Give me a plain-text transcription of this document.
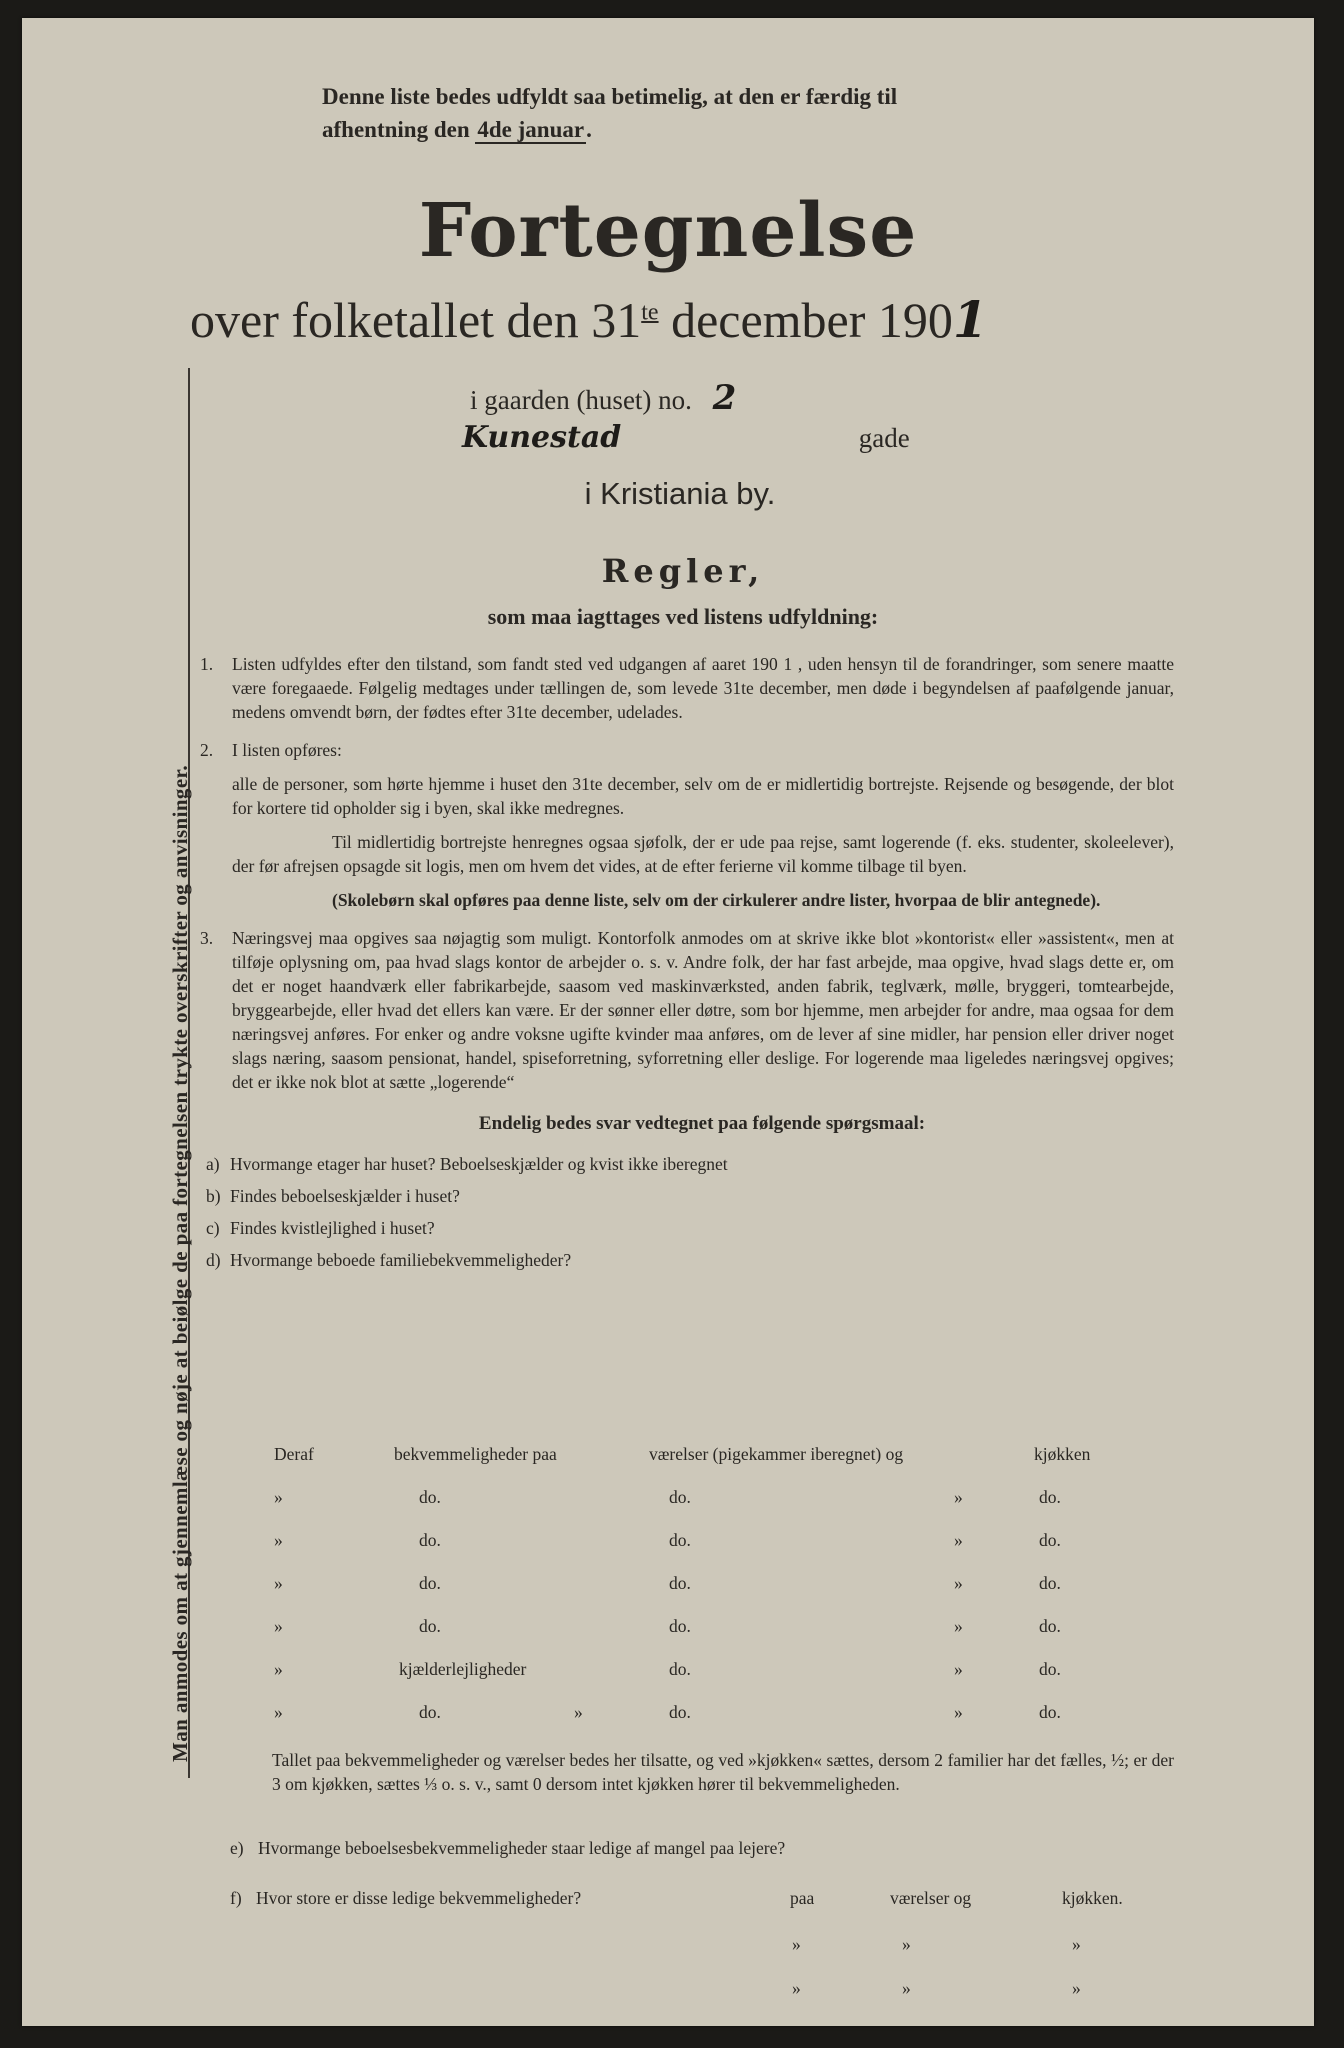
Denne liste bedes udfyldt saa betimelig, at den er færdig til
afhentning den 4de januar.
Fortegnelse
over folketallet den $31^{te}$ december 1901
i gaarden (huset) no. 2
Kunestad	gade
i Kristiania by.
Regler,
som maa iagttages ved listens udfyldning:
1. Listen udfyldes efter den tilstand, som fandt sted ved udgangen af aaret 190 1 , uden hensyn til de forandringer, som senere maatte være foregaaede. Følgelig medtages under tællingen de, som levede 31te december, men døde i begyndelsen af paafølgende januar, medens omvendt børn, der fødtes efter 31te december, udelades.

2. I listen opføres:

alle de personer, som hørte hjemme i huset den 31te december, selv om de er midlertidig bortrejste. Rejsende og besøgende, der blot for kortere tid opholder sig i byen, skal ikke medregnes.

Til midlertidig bortrejste henregnes ogsaa sjøfolk, der er ude paa rejse, samt logerende (f. eks. studenter, skoleelever), der før afrejsen opsagde sit logis, men om hvem det vides, at de efter ferierne vil komme tilbage til byen.

(Skolebørn skal opføres paa denne liste, selv om der cirkulerer andre lister, hvorpaa de blir antegnede).

3. Næringsvej maa opgives saa nøjagtig som muligt. Kontorfolk anmodes om at skrive ikke blot »kontorist« eller »assistent«, men at tilføje oplysning om, paa hvad slags kontor de arbejder o. s. v. Andre folk, der har fast arbejde, maa opgive, hvad slags dette er, om det er noget haandværk eller fabrikarbejde, saasom ved maskinværksted, anden fabrik, teglværk, mølle, bryggeri, tomtearbejde, bryggearbejde, eller hvad det ellers kan være. Er der sønner eller døtre, som bor hjemme, men arbejder for andre, maa ogsaa for dem næringsvej anføres. For enker og andre voksne ugifte kvinder maa anføres, om de lever af sine midler, har pension eller driver noget slags næring, saasom pensionat, handel, spiseforretning, syforretning eller deslige. For logerende maa ligeledes næringsvej opgives; det er ikke nok blot at sætte „logerende“

Endelig bedes svar vedtegnet paa følgende spørgsmaal:
a) Hvormange etager har huset? Beboelseskjælder og kvist ikke iberegnet
b) Findes beboelseskjælder i huset?
c) Findes kvistlejlighed i huset?
d) Hvormange beboede familiebekvemmeligheder?
Deraf	bekvemmeligheder paa	værelser (pigekammer iberegnet) og	kjøkken
»	do.	do.	»	do.
»	do.	do.	»	do.
»	do.	do.	»	do.
»	do.	do.	»	do.
»	kjælderlejligheder	do.	»	do.
»	do.	»	do.	»	do.
Tallet paa bekvemmeligheder og værelser bedes her tilsatte, og ved »kjøkken« sættes, dersom 2 familier har det fælles, ½; er der 3 om kjøkken, sættes ⅓ o. s. v., samt 0 dersom intet kjøkken hører til bekvemmeligheden.
e) Hvormange beboelsesbekvemmeligheder staar ledige af mangel paa lejere?
f) Hvor store er disse ledige bekvemmeligheder?	paa	værelser og	kjøkken.
»	»	»
»	»	»
Man anmodes om at gjennemlæse og nøje at beiølge de paa fortegnelsen trykte overskrifter og anvisninger.
